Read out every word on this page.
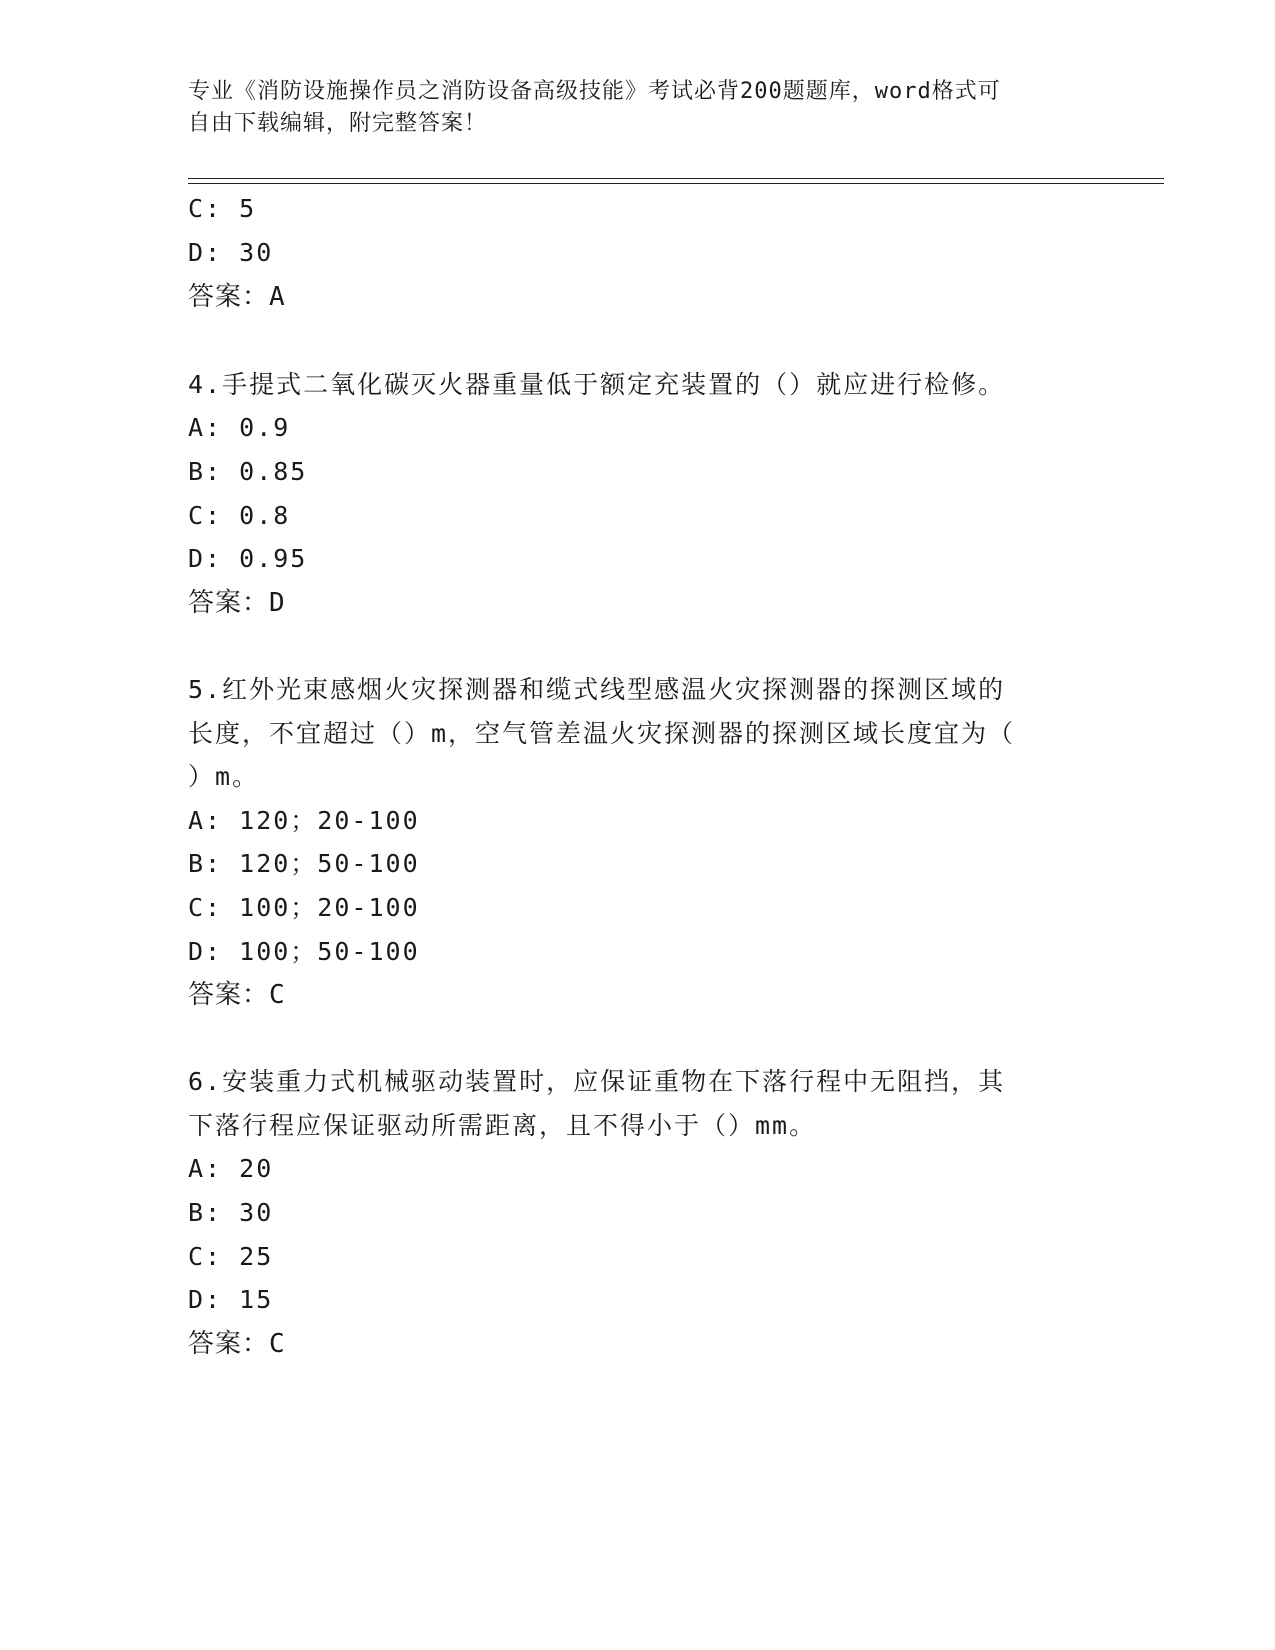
专业《消防设施操作员之消防设备高级技能》考试必背200题题库，word格式可
自由下载编辑，附完整答案！
C: 5
D: 30
答案：A
4.手提式二氧化碳灭火器重量低于额定充装置的（）就应进行检修。
A: 0.9
B: 0.85
C: 0.8
D: 0.95
答案：D
5.红外光束感烟火灾探测器和缆式线型感温火灾探测器的探测区域的
长度，不宜超过（）m，空气管差温火灾探测器的探测区域长度宜为（
）m。
A: 120；20-100
B: 120；50-100
C: 100；20-100
D: 100；50-100
答案：C
6.安装重力式机械驱动装置时，应保证重物在下落行程中无阻挡，其
下落行程应保证驱动所需距离，且不得小于（）mm。
A: 20
B: 30
C: 25
D: 15
答案：C
